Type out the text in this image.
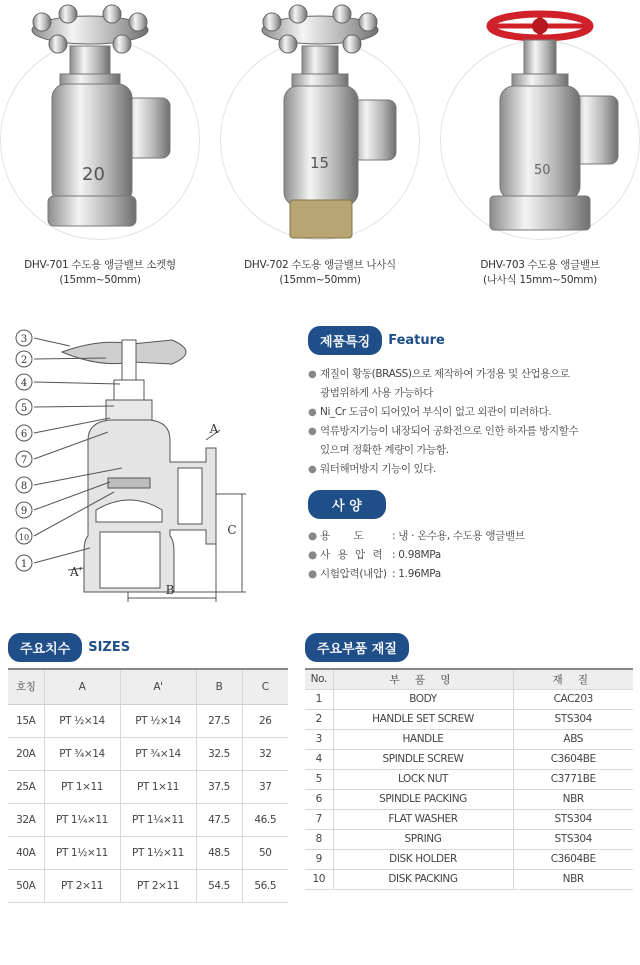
20
DHV-701 수도용 앵글밸브 소켓형
(15mm~50mm)
15
DHV-702 수도용 앵글밸브 나사식
(15mm~50mm)
50
DHV-703 수도용 앵글밸브
(나사식 15mm~50mm)
3
2
4
5
6
7
8
9
10
1
A
A'
B
C
제품특징	Feature
● 재질이 황동(BRASS)으로 제작하여 가정용 및 산업용으로
광범위하게 사용 가능하다
● Ni_Cr 도금이 되어있어 부식이 없고 외관이 미려하다.
● 역류방지기능이 내장되어 공화전으로 인한 하자를 방지할수
있으며 정확한 계량이 가능함.
● 워터해머방지 기능이 있다.
사 양
● 용 도 : 냉 · 온수용, 수도용 앵글밸브
● 사 용 압 력 : 0.98MPa
● 시험압력(내압) : 1.96MPa
주요치수	SIZES
호칭	A	A'	B	C
15A	PT ½×14	PT ½×14	27.5	26
20A	PT ¾×14	PT ¾×14	32.5	32
25A	PT 1×11	PT 1×11	37.5	37
32A	PT 1¼×11	PT 1¼×11	47.5	46.5
40A	PT 1½×11	PT 1½×11	48.5	50
50A	PT 2×11	PT 2×11	54.5	56.5
주요부품 재질
No.	부 품 명	재 질
1	BODY	CAC203
2	HANDLE SET SCREW	STS304
3	HANDLE	ABS
4	SPINDLE SCREW	C3604BE
5	LOCK NUT	C3771BE
6	SPINDLE PACKING	NBR
7	FLAT WASHER	STS304
8	SPRING	STS304
9	DISK HOLDER	C3604BE
10	DISK PACKING	NBR
